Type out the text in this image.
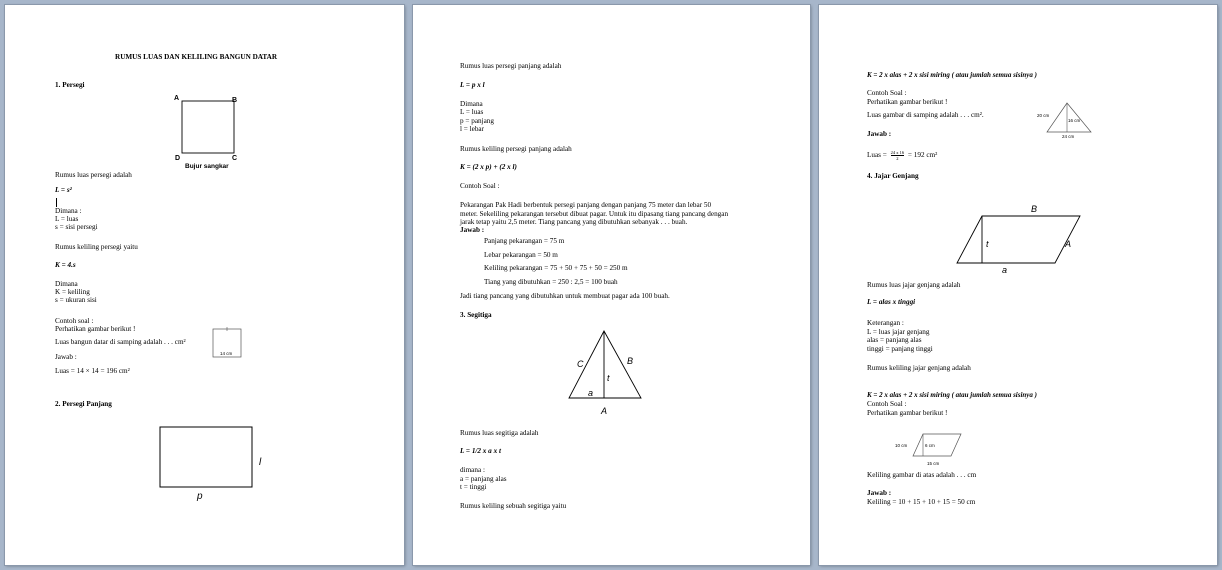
RUMUS LUAS DAN KELILING BANGUN DATAR
1. Persegi
A	B
C
D
Bujur sangkar
Rumus luas persegi adalah
L = s²
Dimana :
L = luas
s = sisi persegi
Rumus keliling persegi yaitu
K = 4.s
Dimana
K = keliling
s = ukuran sisi
Contoh soal :
Perhatikan gambar berikut !
Luas bangun datar di samping adalah . . . cm²
14 cm
Jawab :
Luas = 14 × 14 = 196 cm²
2. Persegi Panjang
l
p
Rumus luas persegi panjang adalah
L = p x l
Dimana
L = luas
p = panjang
l = lebar
Rumus keliling persegi panjang adalah
K = (2 x p) + (2 x l)
Contoh Soal :
Pekarangan Pak Hadi berbentuk persegi panjang dengan panjang 75 meter dan lebar 50
meter. Sekeliling pekarangan tersebut dibuat pagar. Untuk itu dipasang tiang pancang dengan
jarak tetap yaitu 2,5 meter. Tiang pancang yang dibutuhkan sebanyak . . . buah.
Jawab :
Panjang pekarangan = 75 m
Lebar pekarangan = 50 m
Keliling pekarangan = 75 + 50 + 75 + 50 = 250 m
Tiang yang dibutuhkan = 250 : 2,5 = 100 buah
Jadi tiang pancang yang dibutuhkan untuk membuat pagar ada 100 buah.
3. Segitiga
C	B
t
a
A
Rumus luas segitiga adalah
L = 1/2 x a x t
dimana :
a = panjang alas
t = tinggi
Rumus keliling sebuah segitiga yaitu
K = 2 x alas + 2 x sisi miring ( atau jumlah semua sisinya )
Contoh Soal :
Perhatikan gambar berikut !
Luas gambar di samping adalah . . . cm².	20 cm
16 cm
24 cm
Jawab :
Luas = $\frac{24 x 16}{2} = 192$ cm²
4. Jajar Genjang
B
A
t
a
Rumus luas jajar genjang adalah
L = alas x tinggi
Keterangan :
L = luas jajar genjang
alas = panjang alas
tinggi = panjang tinggi
Rumus keliling jajar genjang adalah
K = 2 x alas + 2 x sisi miring ( atau jumlah semua sisinya )
Contoh Soal :
Perhatikan gambar berikut !
10 cm	6 cm
15 cm
Keliling gambar di atas adalah . . . cm
Jawab :
Keliling = 10 + 15 + 10 + 15 = 50 cm
